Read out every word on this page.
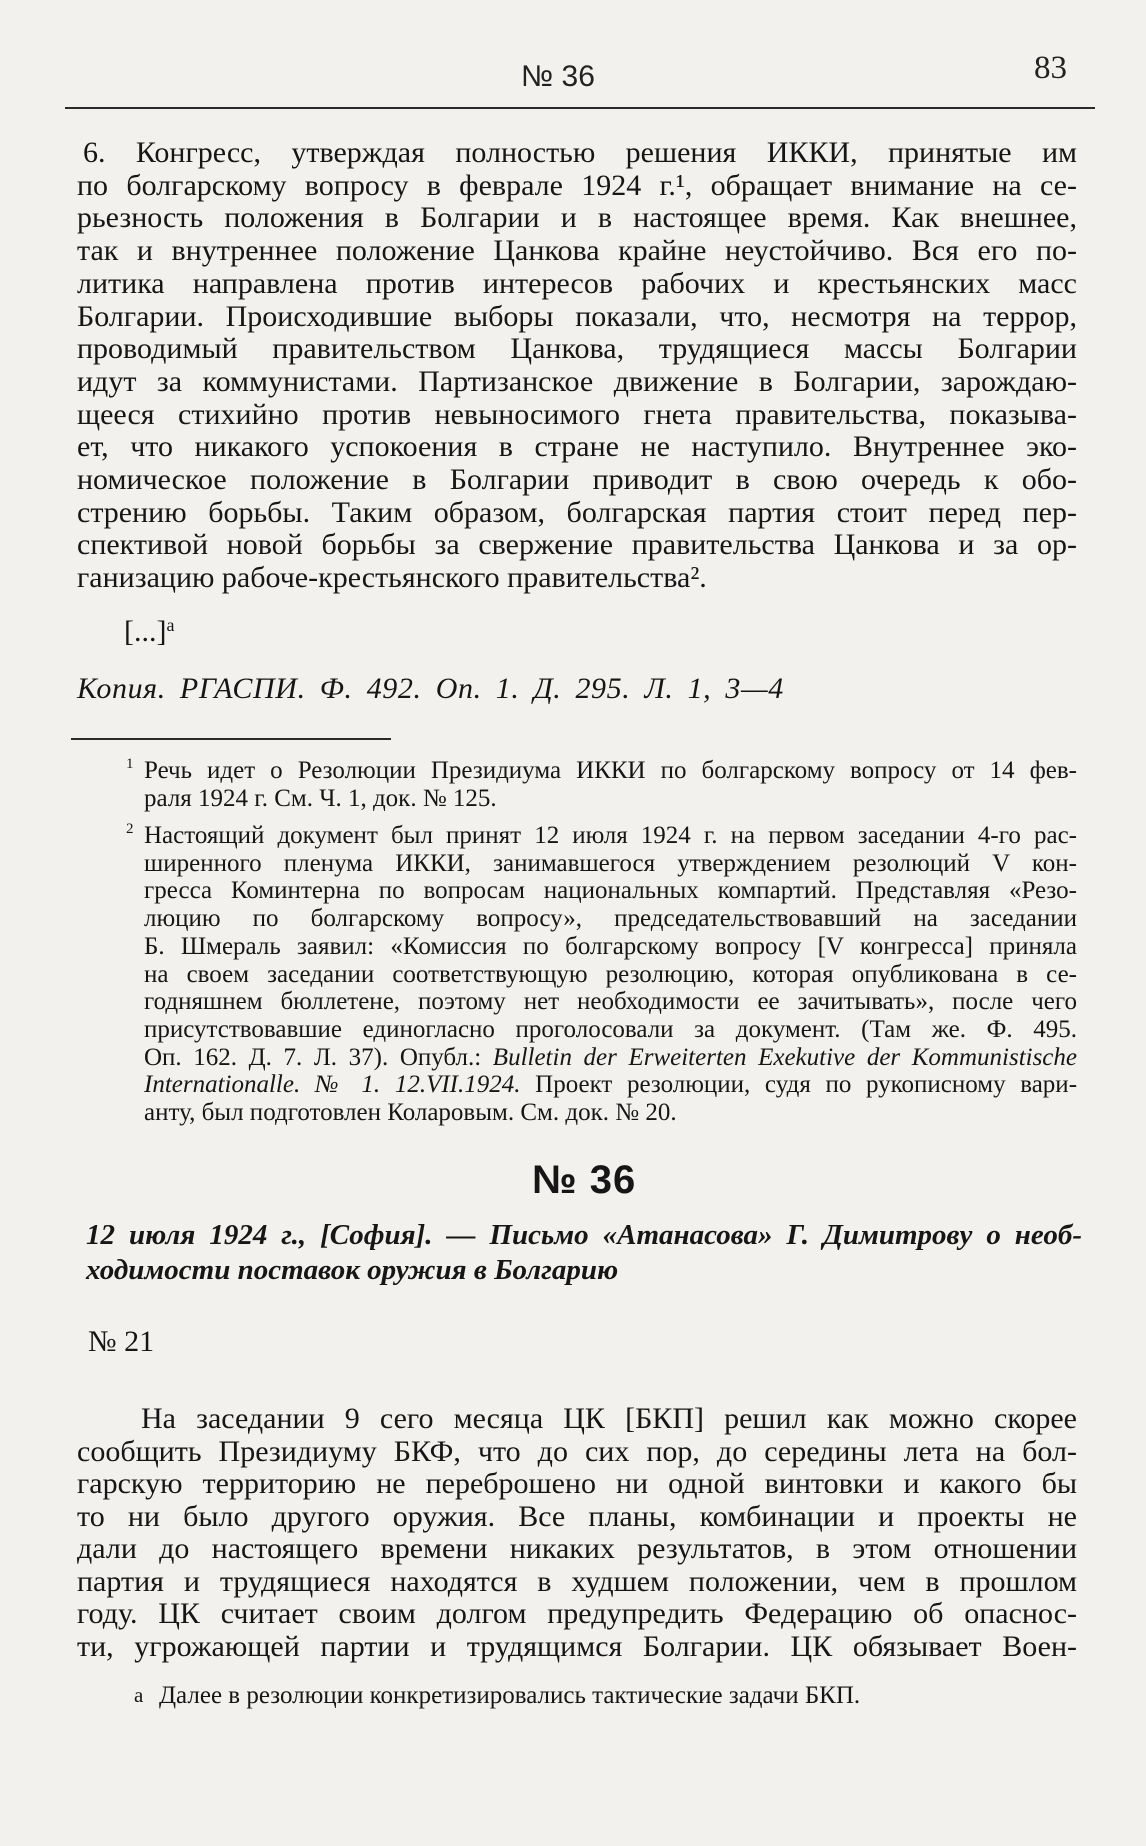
№ 36	83
6. Конгресс, утверждая полностью решения ИККИ, принятые им
по болгарскому вопросу в феврале 1924 г.¹, обращает внимание на се-
рьезность положения в Болгарии и в настоящее время. Как внешнее,
так и внутреннее положение Цанкова крайне неустойчиво. Вся его по-
литика направлена против интересов рабочих и крестьянских масс
Болгарии. Происходившие выборы показали, что, несмотря на террор,
проводимый правительством Цанкова, трудящиеся массы Болгарии
идут за коммунистами. Партизанское движение в Болгарии, зарождаю-
щееся стихийно против невыносимого гнета правительства, показыва-
ет, что никакого успокоения в стране не наступило. Внутреннее эко-
номическое положение в Болгарии приводит в свою очередь к обо-
стрению борьбы. Таким образом, болгарская партия стоит перед пер-
спективой новой борьбы за свержение правительства Цанкова и за ор-
ганизацию рабоче-крестьянского правительства².
[...]$^а$
Копия. РГАСПИ. Ф. 492. Оп. 1. Д. 295. Л. 1, 3—4
1 Речь идет о Резолюции Президиума ИККИ по болгарскому вопросу от 14 фев-
раля 1924 г. См. Ч. 1, док. № 125.
2 Настоящий документ был принят 12 июля 1924 г. на первом заседании 4-го рас-
ширенного пленума ИККИ, занимавшегося утверждением резолюций V кон-
гресса Коминтерна по вопросам национальных компартий. Представляя «Резо-
люцию по болгарскому вопросу», председательствовавший на заседании
Б. Шмераль заявил: «Комиссия по болгарскому вопросу [V конгресса] приняла
на своем заседании соответствующую резолюцию, которая опубликована в се-
годняшнем бюллетене, поэтому нет необходимости ее зачитывать», после чего
присутствовавшие единогласно проголосовали за документ. (Там же. Ф. 495.
Оп. 162. Д. 7. Л. 37). Опубл.: Bulletin der Erweiterten Exekutive der Kommunistische
Internationalle. № 1. 12.VII.1924. Проект резолюции, судя по рукописному вари-
анту, был подготовлен Коларовым. См. док. № 20.
№ 36
12 июля 1924 г., [София]. — Письмо «Атанасова» Г. Димитрову о необ-
ходимости поставок оружия в Болгарию
№ 21
На заседании 9 сего месяца ЦК [БКП] решил как можно скорее
сообщить Президиуму БКФ, что до сих пор, до середины лета на бол-
гарскую территорию не переброшено ни одной винтовки и какого бы
то ни было другого оружия. Все планы, комбинации и проекты не
дали до настоящего времени никаких результатов, в этом отношении
партия и трудящиеся находятся в худшем положении, чем в прошлом
году. ЦК считает своим долгом предупредить Федерацию об опаснос-
ти, угрожающей партии и трудящимся Болгарии. ЦК обязывает Воен-
а Далее в резолюции конкретизировались тактические задачи БКП.
